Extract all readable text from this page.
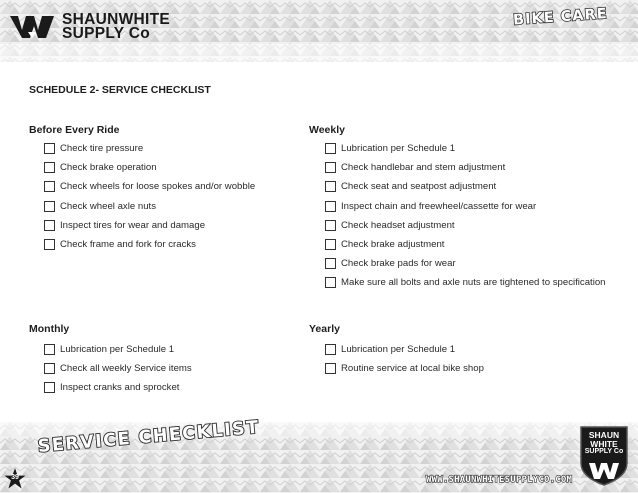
SHAUNWHITE
SUPPLY Co
BIKE CARE
SCHEDULE 2- SERVICE CHECKLIST
Before Every Ride
Check tire pressure
Check brake operation
Check wheels for loose spokes and/or wobble
Check wheel axle nuts
Inspect tires for wear and damage
Check frame and fork for cracks
Weekly
Lubrication per Schedule 1
Check handlebar and stem adjustment
Check seat and seatpost adjustment
Inspect chain and freewheel/cassette for wear
Check headset adjustment
Check brake adjustment
Check brake pads for wear
Make sure all bolts and axle nuts are tightened to specification
Monthly
Lubrication per Schedule 1
Check all weekly Service items
Inspect cranks and sprocket
Yearly
Lubrication per Schedule 1
Routine service at local bike shop
SERVICE CHECKLIST
39	WWW.SHAUNWHITESUPPLYCO.COM
SHAUN
WHITE
SUPPLY Co
